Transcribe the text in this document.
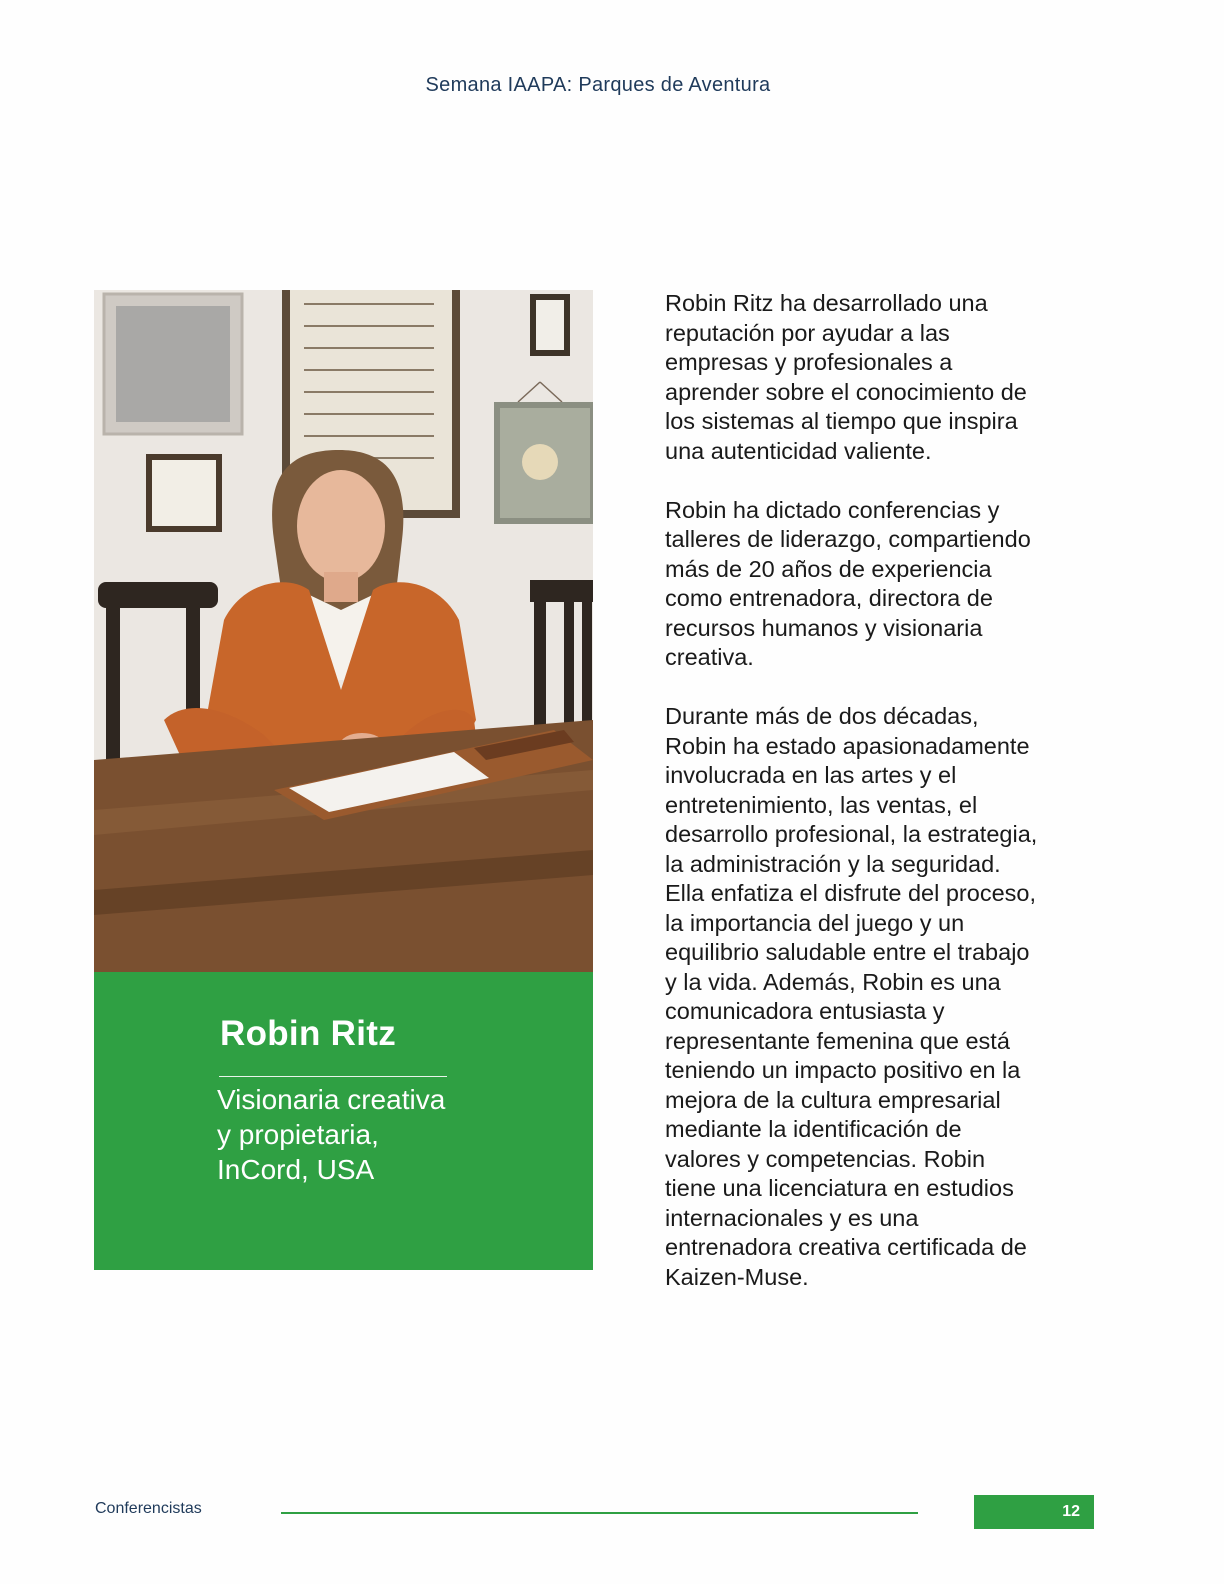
Semana IAAPA: Parques de Aventura
Robin Ritz
Visionaria creativa
y propietaria,
InCord, USA

Robin Ritz ha desarrollado una
reputación por ayudar a las
empresas y profesionales a
aprender sobre el conocimiento de
los sistemas al tiempo que inspira
una autenticidad valiente.

Robin ha dictado conferencias y
talleres de liderazgo, compartiendo
más de 20 años de experiencia
como entrenadora, directora de
recursos humanos y visionaria
creativa.

Durante más de dos décadas,
Robin ha estado apasionadamente
involucrada en las artes y el
entretenimiento, las ventas, el
desarrollo profesional, la estrategia,
la administración y la seguridad.
Ella enfatiza el disfrute del proceso,
la importancia del juego y un
equilibrio saludable entre el trabajo
y la vida. Además, Robin es una
comunicadora entusiasta y
representante femenina que está
teniendo un impacto positivo en la
mejora de la cultura empresarial
mediante la identificación de
valores y competencias. Robin
tiene una licenciatura en estudios
internacionales y es una
entrenadora creativa certificada de
Kaizen-Muse.

Conferencistas	12
